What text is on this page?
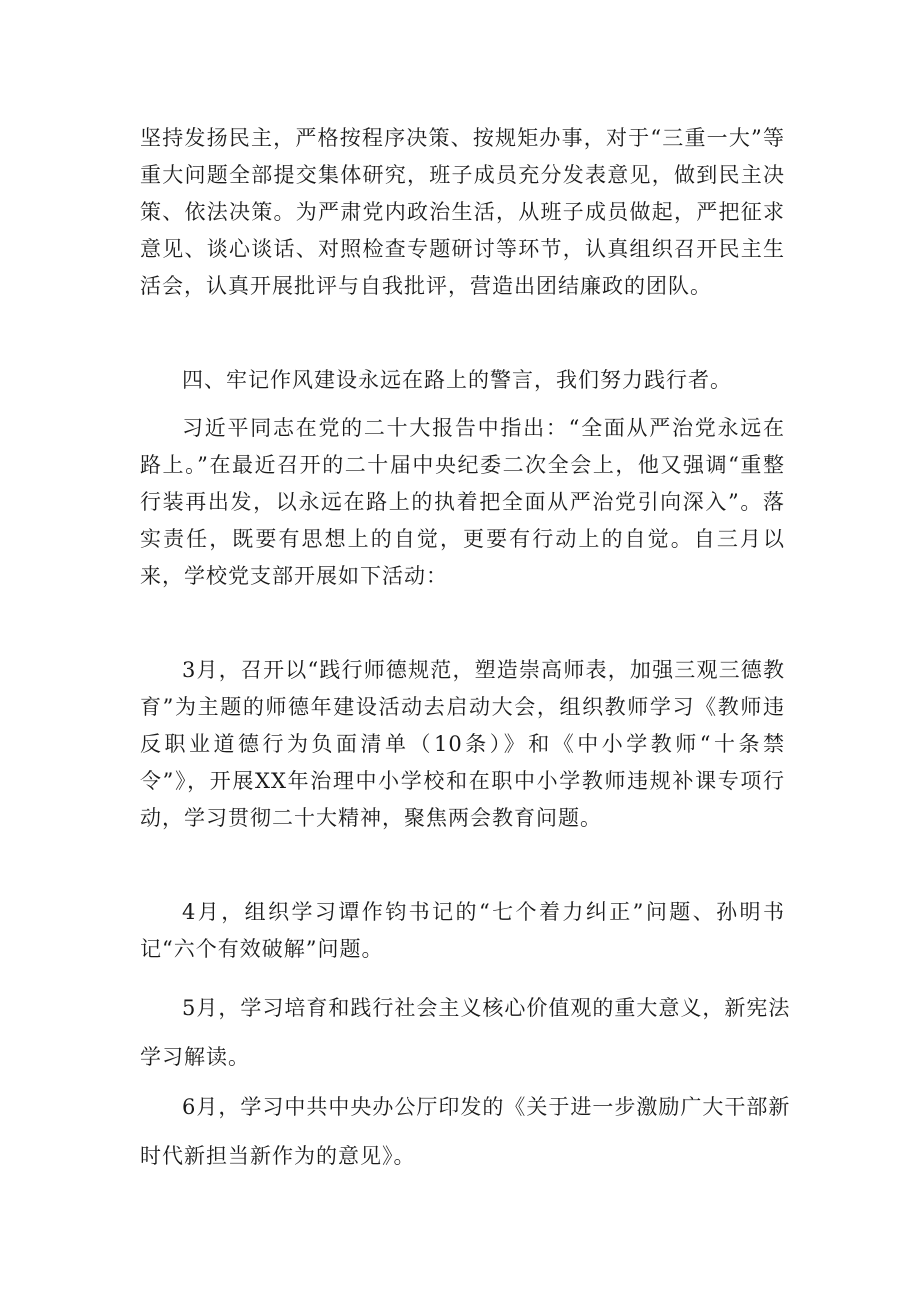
坚持发扬民主，严格按程序决策、按规矩办事，对于“三重一大”等重大问题全部提交集体研究，班子成员充分发表意见，做到民主决策、依法决策。为严肃党内政治生活，从班子成员做起，严把征求意见、谈心谈话、对照检查专题研讨等环节，认真组织召开民主生活会，认真开展批评与自我批评，营造出团结廉政的团队。

四、牢记作风建设永远在路上的警言，我们努力践行者。

习近平同志在党的二十大报告中指出：“全面从严治党永远在路上。”在最近召开的二十届中央纪委二次全会上，他又强调“重整行装再出发，以永远在路上的执着把全面从严治党引向深入”。落实责任，既要有思想上的自觉，更要有行动上的自觉。自三月以来，学校党支部开展如下活动：

3月，召开以“践行师德规范，塑造崇高师表，加强三观三德教育”为主题的师德年建设活动去启动大会，组织教师学习《教师违反职业道德行为负面清单（10条）》和《中小学教师“十条禁令”》，开展XX年治理中小学校和在职中小学教师违规补课专项行动，学习贯彻二十大精神，聚焦两会教育问题。

4月，组织学习谭作钧书记的“七个着力纠正”问题、孙明书记“六个有效破解”问题。

5月，学习培育和践行社会主义核心价值观的重大意义，新宪法
学习解读。
6月，学习中共中央办公厅印发的《关于进一步激励广大干部新
时代新担当新作为的意见》。
